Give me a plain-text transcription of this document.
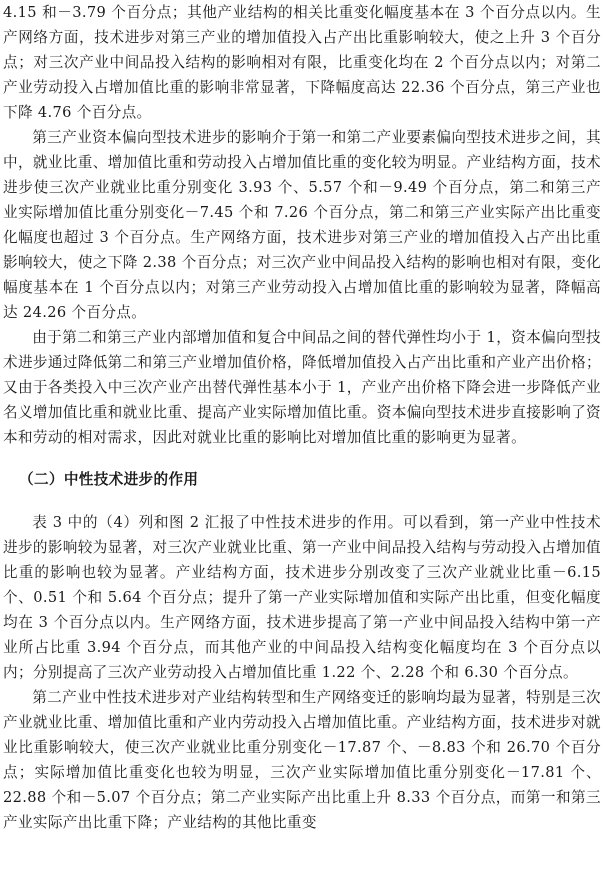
4.15 和－3.79 个百分点；其他产业结构的相关比重变化幅度基本在 3 个百分点以内。生产网络方面，技术进步对第三产业的增加值投入占产出比重影响较大，使之上升 3 个百分点；对三次产业中间品投入结构的影响相对有限，比重变化均在 2 个百分点以内；对第二产业劳动投入占增加值比重的影响非常显著，下降幅度高达 22.36 个百分点，第三产业也下降 4.76 个百分点。

第三产业资本偏向型技术进步的影响介于第一和第二产业要素偏向型技术进步之间，其中，就业比重、增加值比重和劳动投入占增加值比重的变化较为明显。产业结构方面，技术进步使三次产业就业比重分别变化 3.93 个、5.57 个和－9.49 个百分点，第二和第三产业实际增加值比重分别变化－7.45 个和 7.26 个百分点，第二和第三产业实际产出比重变化幅度也超过 3 个百分点。生产网络方面，技术进步对第三产业的增加值投入占产出比重影响较大，使之下降 2.38 个百分点；对三次产业中间品投入结构的影响也相对有限，变化幅度基本在 1 个百分点以内；对第三产业劳动投入占增加值比重的影响较为显著，降幅高达 24.26 个百分点。

由于第二和第三产业内部增加值和复合中间品之间的替代弹性均小于 1，资本偏向型技术进步通过降低第二和第三产业增加值价格，降低增加值投入占产出比重和产业产出价格；又由于各类投入中三次产业产出替代弹性基本小于 1，产业产出价格下降会进一步降低产业名义增加值比重和就业比重、提高产业实际增加值比重。资本偏向型技术进步直接影响了资本和劳动的相对需求，因此对就业比重的影响比对增加值比重的影响更为显著。

（二）中性技术进步的作用

表 3 中的（4）列和图 2 汇报了中性技术进步的作用。可以看到，第一产业中性技术进步的影响较为显著，对三次产业就业比重、第一产业中间品投入结构与劳动投入占增加值比重的影响也较为显著。产业结构方面，技术进步分别改变了三次产业就业比重－6.15 个、0.51 个和 5.64 个百分点；提升了第一产业实际增加值和实际产出比重，但变化幅度均在 3 个百分点以内。生产网络方面，技术进步提高了第一产业中间品投入结构中第一产业所占比重 3.94 个百分点，而其他产业的中间品投入结构变化幅度均在 3 个百分点以内；分别提高了三次产业劳动投入占增加值比重 1.22 个、2.28 个和 6.30 个百分点。

第二产业中性技术进步对产业结构转型和生产网络变迁的影响均最为显著，特别是三次产业就业比重、增加值比重和产业内劳动投入占增加值比重。产业结构方面，技术进步对就业比重影响较大，使三次产业就业比重分别变化－17.87 个、－8.83 个和 26.70 个百分点；实际增加值比重变化也较为明显，三次产业实际增加值比重分别变化－17.81 个、22.88 个和－5.07 个百分点；第二产业实际产出比重上升 8.33 个百分点，而第一和第三产业实际产出比重下降；产业结构的其他比重变
